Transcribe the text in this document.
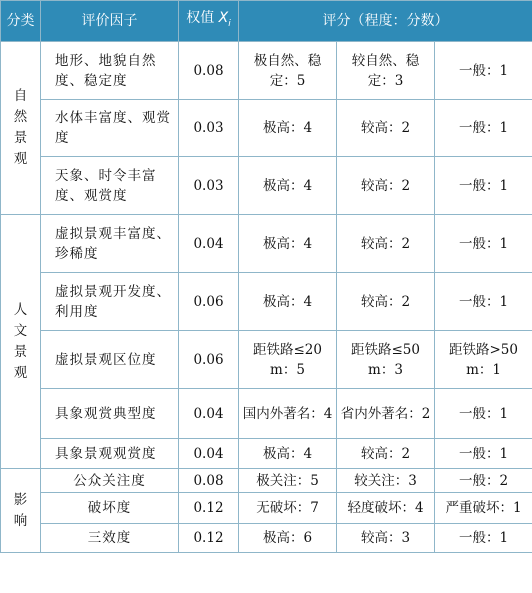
分类	评价因子	权值 $X_i$	评分（程度：分数）		

自
然
景
观	地形、地貌自然度、稳定度	0.08	极自然、稳定：5	较自然、稳定：3	一般：1
	水体丰富度、观赏度	0.03	极高：4	较高：2	一般：1
	天象、时令丰富度、观赏度	0.03	极高：4	较高：2	一般：1

人
文
景
观	虚拟景观丰富度、珍稀度	0.04	极高：4	较高：2	一般：1
	虚拟景观开发度、利用度	0.06	极高：4	较高：2	一般：1
	虚拟景观区位度	0.06	距铁路≤20 m：5	距铁路≤50 m：3	距铁路>50 m：1
	具象观赏典型度	0.04	国内外著名：4	省内外著名：2	一般：1
	具象景观观赏度	0.04	极高：4	较高：2	一般：1

影
响	公众关注度	0.08	极关注：5	较关注：3	一般：2
	破坏度	0.12	无破坏：7	轻度破坏：4	严重破坏：1
	三效度	0.12	极高：6	较高：3	一般：1
